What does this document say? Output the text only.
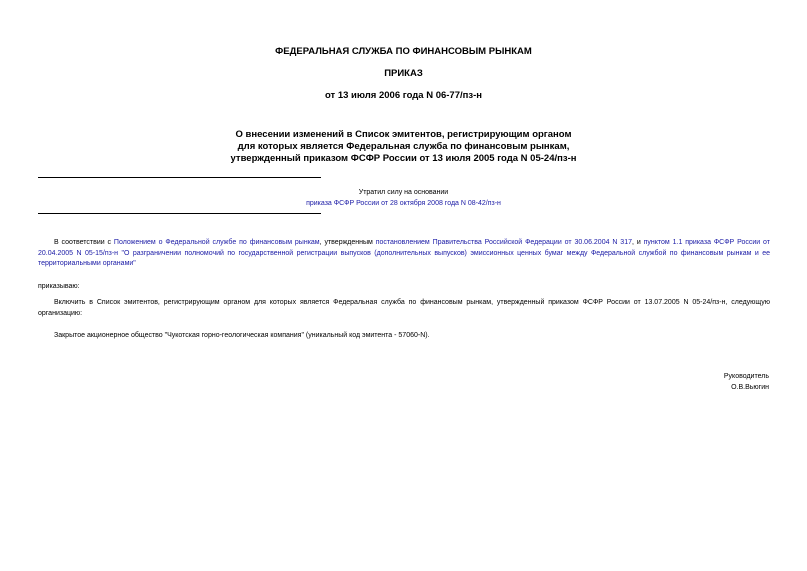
ФЕДЕРАЛЬНАЯ СЛУЖБА ПО ФИНАНСОВЫМ РЫНКАМ
ПРИКАЗ
от 13 июля 2006 года N 06-77/пз-н
О внесении изменений в Список эмитентов, регистрирующим органом
для которых является Федеральная служба по финансовым рынкам,
утвержденный приказом ФСФР России от 13 июля 2005 года N 05-24/пз-н
Утратил силу на основании
приказа ФСФР России от 28 октября 2008 года N 08-42/пз-н
В соответствии с Положением о Федеральной службе по финансовым рынкам, утвержденным постановлением Правительства Российской Федерации от 30.06.2004 N 317, и пунктом 1.1 приказа ФСФР России от 20.04.2005 N 05-15/пз-н "О разграничении полномочий по государственной регистрации выпусков (дополнительных выпусков) эмиссионных ценных бумаг между Федеральной службой по финансовым рынкам и ее территориальными органами"
приказываю:
Включить в Список эмитентов, регистрирующим органом для которых является Федеральная служба по финансовым рынкам, утвержденный приказом ФСФР России от 13.07.2005 N 05-24/пз-н, следующую организацию:
Закрытое акционерное общество "Чукотская горно-геологическая компания" (уникальный код эмитента - 57060-N).
Руководитель
О.В.Вьюгин
